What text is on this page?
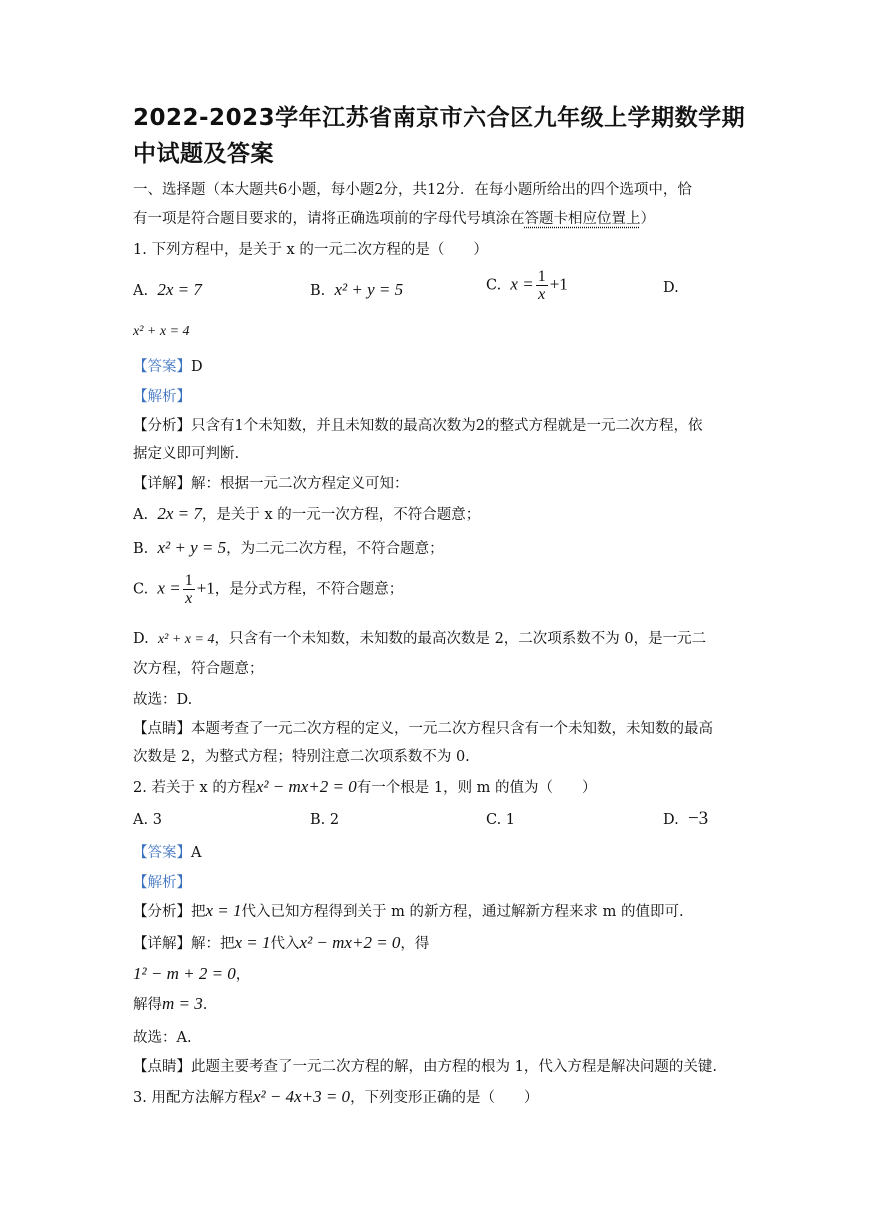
2022-2023学年江苏省南京市六合区九年级上学期数学期中试题及答案
一、选择题（本大题共6小题，每小题2分，共12分．在每小题所给出的四个选项中，恰
有一项是符合题目要求的，请将正确选项前的字母代号填涂在答题卡相应位置上）
1. 下列方程中，是关于 x 的一元二次方程的是（　　）
A. 2x = 7	B. x² + y = 5	C. $x = \frac{1}{x} +1$	D.
x² + x = 4
【答案】D
【解析】
【分析】只含有1个未知数，并且未知数的最高次数为2的整式方程就是一元二次方程，依
据定义即可判断.
【详解】解：根据一元二次方程定义可知：
A. 2x = 7，是关于 x 的一元一次方程，不符合题意；
B. x² + y = 5，为二元二次方程，不符合题意；
C. $x = \frac{1}{x} +1$，是分式方程，不符合题意；
D. x² + x = 4，只含有一个未知数，未知数的最高次数是 2，二次项系数不为 0，是一元二
次方程，符合题意；
故选：D.
【点睛】本题考查了一元二次方程的定义，一元二次方程只含有一个未知数，未知数的最高
次数是 2，为整式方程；特别注意二次项系数不为 0.
2. 若关于 x 的方程x² − mx+2 = 0有一个根是 1，则 m 的值为（　　）
A. 3	B. 2	C. 1	D. −3
【答案】A
【解析】
【分析】把x = 1代入已知方程得到关于 m 的新方程，通过解新方程来求 m 的值即可.
【详解】解：把x = 1代入x² − mx+2 = 0，得
1² − m + 2 = 0，
解得m = 3.
故选：A.
【点睛】此题主要考查了一元二次方程的解，由方程的根为 1，代入方程是解决问题的关键.
3. 用配方法解方程x² − 4x+3 = 0，下列变形正确的是（　　）
